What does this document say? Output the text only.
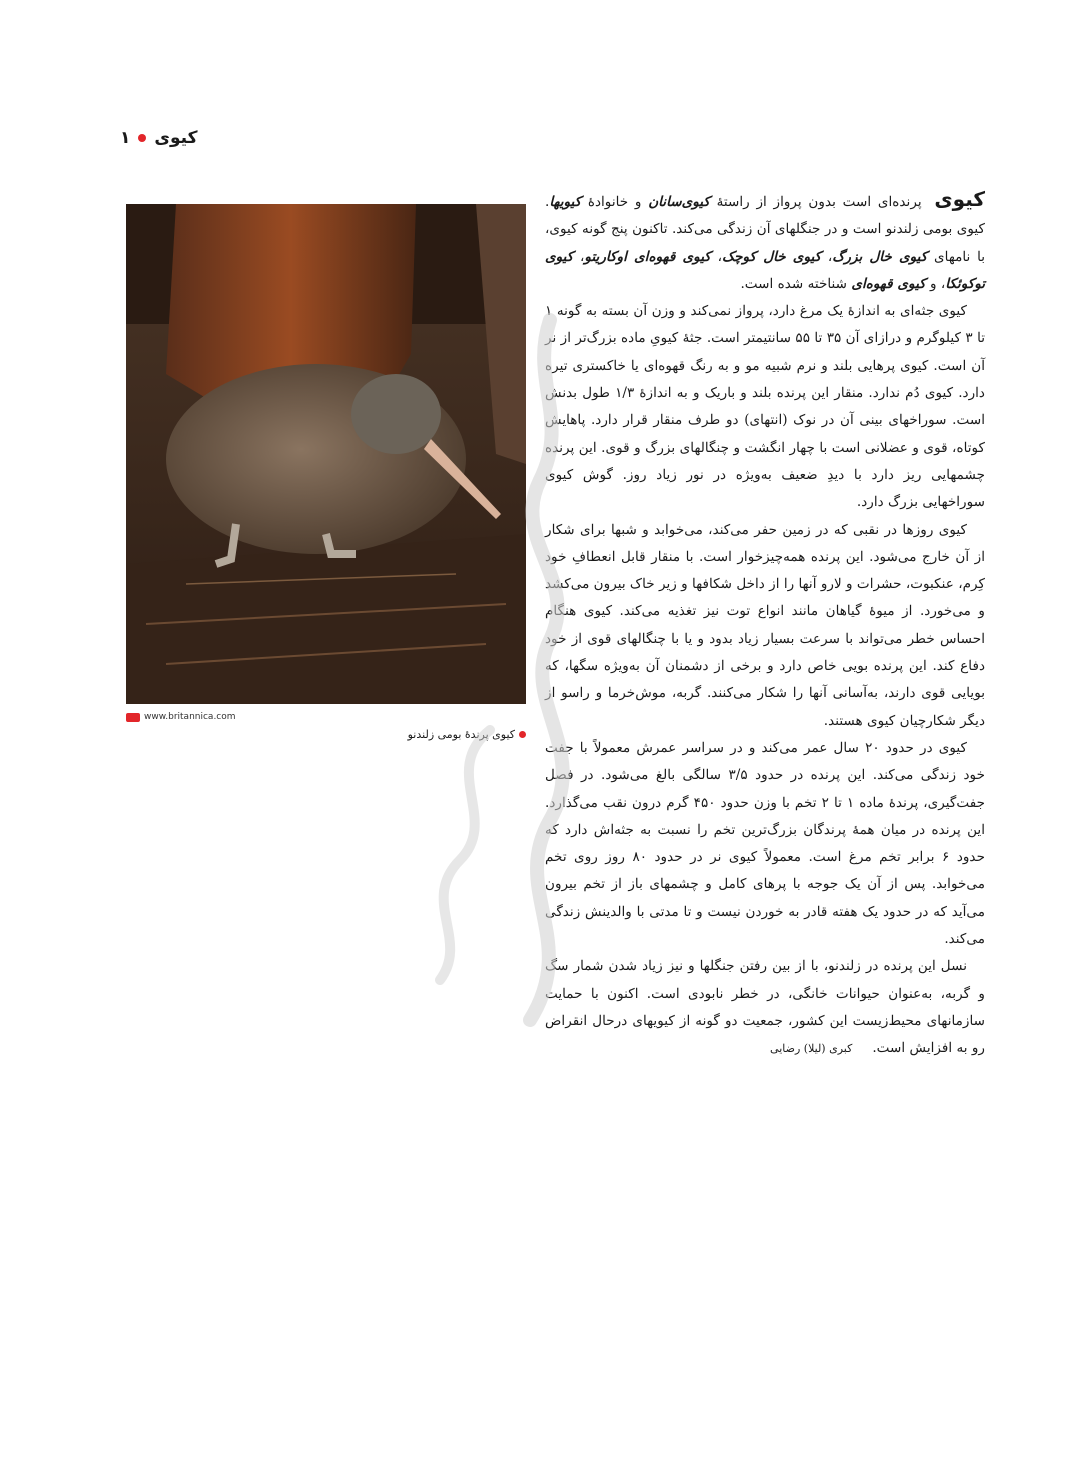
۱ کیوی
www.britannica.com
کیوی پرندۀ بومی زلندنو

کیوی پرنده‌ای است بدون پرواز از راستۀ کیوی‌سانان و خانوادۀ کیویها. کیوی بومی زلندنو است و در جنگلهای آن زندگی می‌کند. تاکنون پنج گونه کیوی، با نامهای کیوی خال بزرگ، کیوی خال کوچک، کیوی قهوه‌ای اوکاریتو، کیوی توکوئکا، و کیوی قهوه‌ای شناخته شده است.

کیوی جثه‌ای به اندازۀ یک مرغ دارد، پرواز نمی‌کند و وزن آن بسته به گونه ۱ تا ۳ کیلوگرم و درازای آن ۳۵ تا ۵۵ سانتیمتر است. جثۀ کیویِ ماده بزرگ‌تر از نر آن است. کیوی پرهایی بلند و نرم شبیه مو و به رنگ قهوه‌ای یا خاکستری تیره دارد. کیوی دُم ندارد. منقار این پرنده بلند و باریک و به اندازۀ ۱/۳ طول بدنش است. سوراخهای بینی آن در نوک (انتهای) دو طرف منقار قرار دارد. پاهایش کوتاه، قوی و عضلانی است با چهار انگشت و چنگالهای بزرگ و قوی. این پرنده چشمهایی ریز دارد با دیدِ ضعیف به‌ویژه در نور زیاد روز. گوش کیوی سوراخهایی بزرگ دارد.

کیوی روزها در نقبی که در زمین حفر می‌کند، می‌خوابد و شبها برای شکار از آن خارج می‌شود. این پرنده همه‌چیزخوار است. با منقار قابل انعطافِ خود کِرم، عنکبوت، حشرات و لارو آنها را از داخل شکافها و زیر خاک بیرون می‌کشد و می‌خورد. از میوۀ گیاهان مانند انواع توت نیز تغذیه می‌کند. کیوی هنگام احساس خطر می‌تواند با سرعت بسیار زیاد بدود و یا با چنگالهای قوی از خود دفاع کند. این پرنده بویی خاص دارد و برخی از دشمنان آن به‌ویژه سگها، که بویایی قوی دارند، به‌آسانی آنها را شکار می‌کنند. گربه، موش‌خرما و راسو از دیگر شکارچیان کیوی هستند.

کیوی در حدود ۲۰ سال عمر می‌کند و در سراسر عمرش معمولاً با جفت خود زندگی می‌کند. این پرنده در حدود ۳/۵ سالگی بالغ می‌شود. در فصل جفت‌گیری، پرندۀ ماده ۱ تا ۲ تخم با وزن حدود ۴۵۰ گرم درون نقب می‌گذارد. این پرنده در میان همۀ پرندگان بزرگ‌ترین تخم را نسبت به جثه‌اش دارد که حدود ۶ برابر تخم مرغ است. معمولاً کیوی نر در حدود ۸۰ روز روی تخم می‌خوابد. پس از آن یک جوجه با پرهای کامل و چشمهای باز از تخم بیرون می‌آید که در حدود یک هفته قادر به خوردن نیست و تا مدتی با والدینش زندگی می‌کند.

نسل این پرنده در زلندنو، با از بین رفتن جنگلها و نیز زیاد شدن شمار سگ و گربه، به‌عنوان حیوانات خانگی، در خطر نابودی است. اکنون با حمایت سازمانهای محیط‌زیست این کشور، جمعیت دو گونه از کیویهای در‌حال انقراض رو به افزایش است.کبری (لیلا) رضایی
